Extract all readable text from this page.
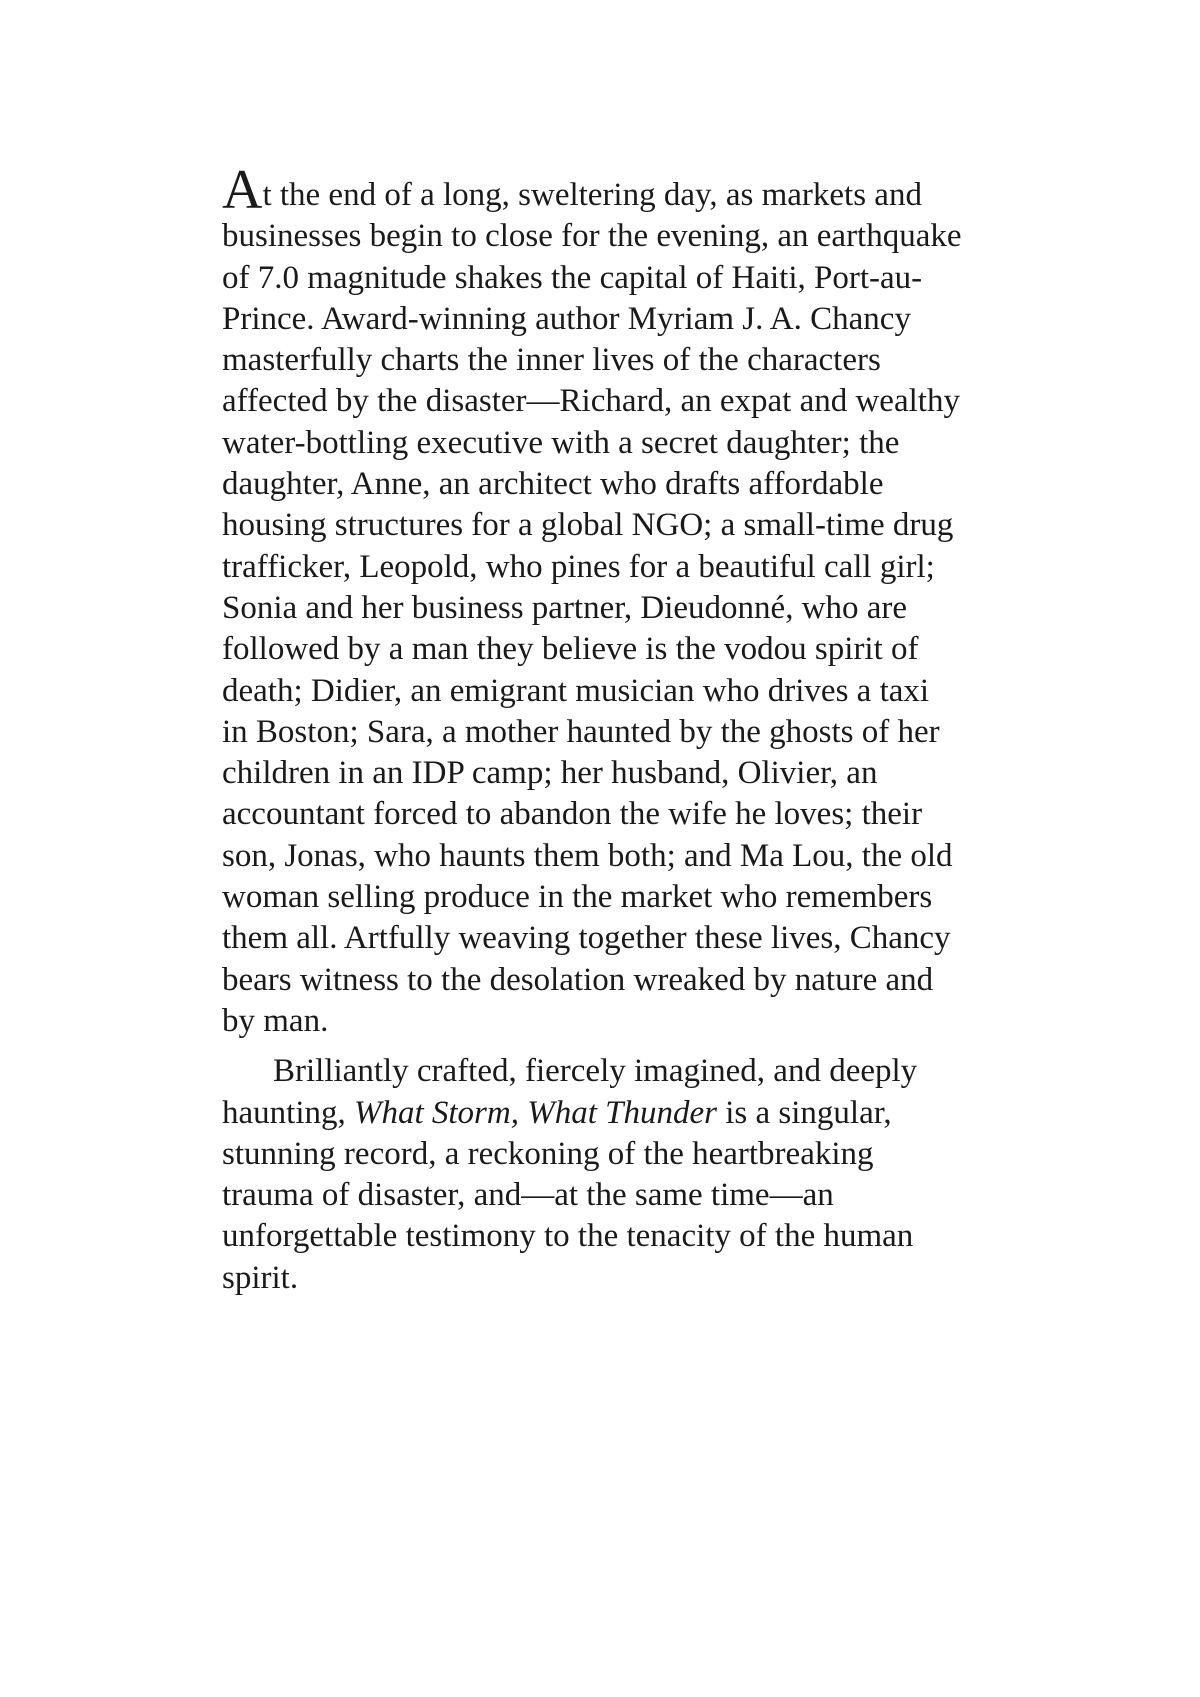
At the end of a long, sweltering day, as markets and
businesses begin to close for the evening, an earthquake
of 7.0 magnitude shakes the capital of Haiti, Port-au-
Prince. Award-winning author Myriam J. A. Chancy
masterfully charts the inner lives of the characters
affected by the disaster—Richard, an expat and wealthy
water-bottling executive with a secret daughter; the
daughter, Anne, an architect who drafts affordable
housing structures for a global NGO; a small-time drug
trafficker, Leopold, who pines for a beautiful call girl;
Sonia and her business partner, Dieudonné, who are
followed by a man they believe is the vodou spirit of
death; Didier, an emigrant musician who drives a taxi
in Boston; Sara, a mother haunted by the ghosts of her
children in an IDP camp; her husband, Olivier, an
accountant forced to abandon the wife he loves; their
son, Jonas, who haunts them both; and Ma Lou, the old
woman selling produce in the market who remembers
them all. Artfully weaving together these lives, Chancy
bears witness to the desolation wreaked by nature and
by man.

Brilliantly crafted, fiercely imagined, and deeply
haunting, What Storm, What Thunder is a singular,
stunning record, a reckoning of the heartbreaking
trauma of disaster, and—at the same time—an
unforgettable testimony to the tenacity of the human
spirit.
